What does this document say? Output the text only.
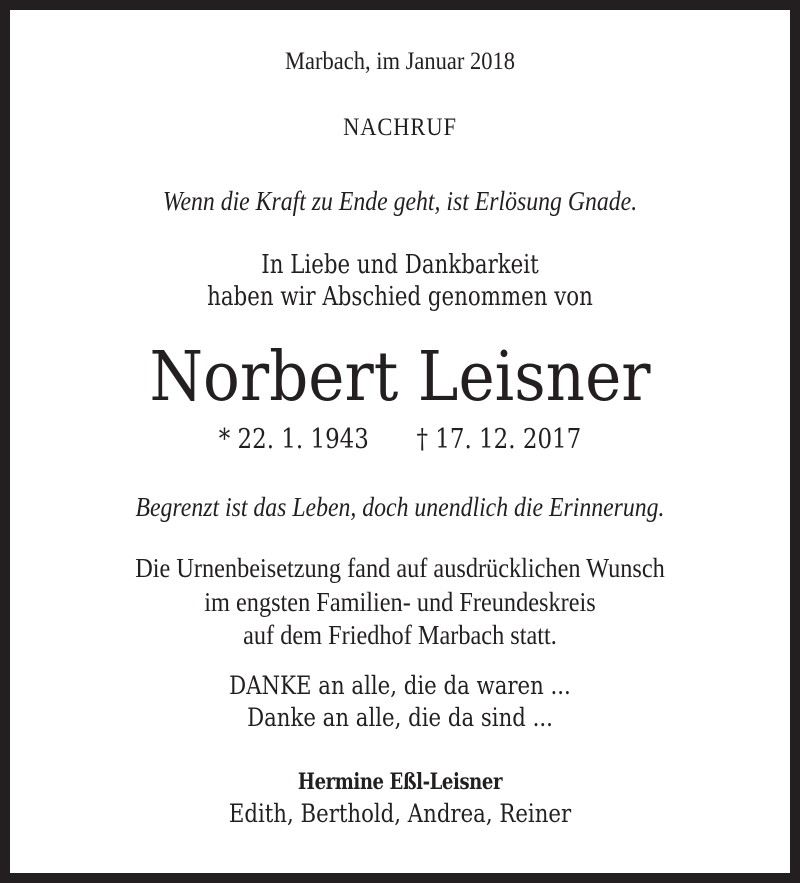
Marbach, im Januar 2018
NACHRUF
Wenn die Kraft zu Ende geht, ist Erlösung Gnade.
In Liebe und Dankbarkeit
haben wir Abschied genommen von
Norbert Leisner
* 22. 1. 1943 † 17. 12. 2017
Begrenzt ist das Leben, doch unendlich die Erinnerung.
Die Urnenbeisetzung fand auf ausdrücklichen Wunsch
im engsten Familien- und Freundeskreis
auf dem Friedhof Marbach statt.
DANKE an alle, die da waren ...
Danke an alle, die da sind ...
Hermine Eßl-Leisner
Edith, Berthold, Andrea, Reiner
